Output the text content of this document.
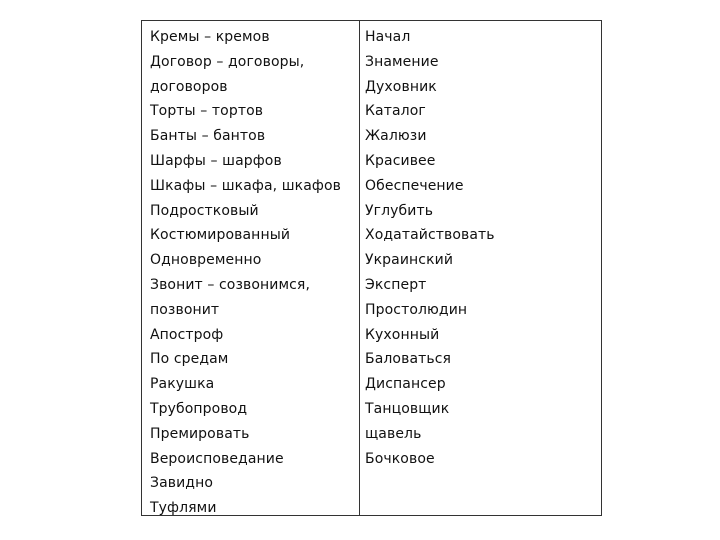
Кремы – кремов
Договор – договоры,
договоров
Торты – тортов
Банты – бантов
Шарфы – шарфов
Шкафы – шкафа, шкафов
Подростковый
Костюмированный
Одновременно
Звонит – созвонимся,
позвонит
Апостроф
По средам
Ракушка
Трубопровод
Премировать
Вероисповедание
Завидно
Туфлями
Начал
Знамение
Духовник
Каталог
Жалюзи
Красивее
Обеспечение
Углубить
Ходатайствовать
Украинский
Эксперт
Простолюдин
Кухонный
Баловаться
Диспансер
Танцовщик
щавель
Бочковое
